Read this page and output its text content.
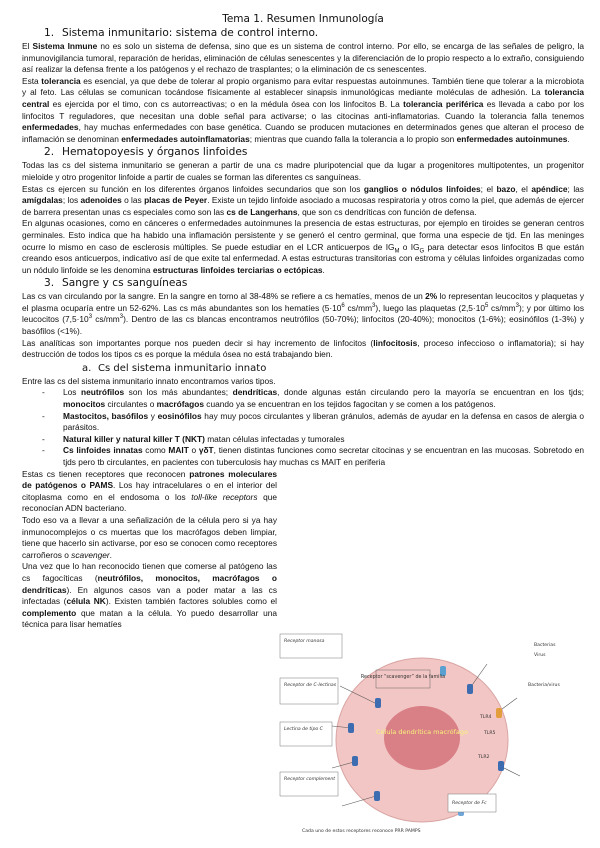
Tema 1. Resumen Inmunología
1. Sistema inmunitario: sistema de control interno.

El Sistema Inmune no es solo un sistema de defensa, sino que es un sistema de control interno. Por ello, se encarga de las señales de peligro, la inmunovigilancia tumoral, reparación de heridas, eliminación de células senescentes y la diferenciación de lo propio respecto a lo extraño, consiguiendo así realizar la defensa frente a los patógenos y el rechazo de trasplantes; o la eliminación de cs senescentes.

Esta tolerancia es esencial, ya que debe de tolerar al propio organismo para evitar respuestas autoinmunes. También tiene que tolerar a la microbiota y al feto. Las células se comunican tocándose físicamente al establecer sinapsis inmunológicas mediante moléculas de adhesión. La tolerancia central es ejercida por el timo, con cs autorreactivas; o en la médula ósea con los linfocitos B. La tolerancia periférica es llevada a cabo por los linfocitos T reguladores, que necesitan una doble señal para activarse; o las citocinas anti-inflamatorias. Cuando la tolerancia falla tenemos enfermedades, hay muchas enfermedades con base genética. Cuando se producen mutaciones en determinados genes que alteran el proceso de inflamación se denominan enfermedades autoinflamatorias; mientras que cuando falla la tolerancia a lo propio son enfermedades autoinmunes.

2. Hematopoyesis y órganos linfoides

Todas las cs del sistema inmunitario se generan a partir de una cs madre pluripotencial que da lugar a progenitores multipotentes, un progenitor mieloide y otro progenitor linfoide a partir de cuales se forman las diferentes cs sanguíneas.

Estas cs ejercen su función en los diferentes órganos linfoides secundarios que son los ganglios o nódulos linfoides; el bazo, el apéndice; las amígdalas; los adenoides o las placas de Peyer. Existe un tejido linfoide asociado a mucosas respiratoria y otros como la piel, que además de ejercer de barrera presentan unas cs especiales como son las cs de Langerhans, que son cs dendríticas con función de defensa.

En algunas ocasiones, como en cánceres o enfermedades autoinmunes la presencia de estas estructuras, por ejemplo en tiroides se generan centros germinales. Esto indica que ha habido una inflamación persistente y se generó el centro germinal, que forma una especie de tjd. En las meninges ocurre lo mismo en caso de esclerosis múltiples. Se puede estudiar en el LCR anticuerpos de $IG_M$ o $IG_G$ para detectar esos linfocitos B que están creando esos anticuerpos, indicativo así de que exite tal enfermedad. A estas estructuras transitorias con estroma y células linfoides organizadas como un nódulo linfoide se les denomina estructuras linfoides terciarias o ectópicas.

3. Sangre y cs sanguíneas

Las cs van circulando por la sangre. En la sangre en torno al 38-48% se refiere a cs hematíes, menos de un 2% lo representan leucocitos y plaquetas y el plasma ocuparía entre un 52-62%. Las cs más abundantes son los hematíes ($5\cdot 10^6$ $cs/mm^3$), luego las plaquetas ($2,5\cdot 10^5$ $cs/mm^3$); y por último los leucocitos ($7,5\cdot 10^3$ $cs/mm^3$). Dentro de las cs blancas encontramos neutrófilos (50-70%); linfocitos (20-40%); monocitos (1-6%); eosinófilos (1-3%) y basófilos (<1%).

Las analíticas son importantes porque nos pueden decir si hay incremento de linfocitos (linfocitosis, proceso infeccioso o inflamatoria); si hay destrucción de todos los tipos cs es porque la médula ósea no está trabajando bien.

a. Cs del sistema inmunitario innato

Entre las cs del sistema inmunitario innato encontramos varios tipos.

- Los neutrófilos son los más abundantes; dendríticas, donde algunas están circulando pero la mayoría se encuentran en los tjds; monocitos circulantes o macrófagos cuando ya se encuentran en los tejidos fagocitan y se comen a los patógenos.
- Mastocitos, basófilos y eosinófilos hay muy pocos circulantes y liberan gránulos, además de ayudar en la defensa en casos de alergia o parásitos.
- Natural killer y natural killer T (NKT) matan células infectadas y tumorales
- Cs linfoides innatas como MAIT o γδT, tienen distintas funciones como secretar citocinas y se encuentran en las mucosas. Sobretodo en tjds pero tb circulantes, en pacientes con tuberculosis hay muchas cs MAIT en periferia

Estas cs tienen receptores que reconocen patrones moleculares de patógenos o PAMS. Los hay intracelulares o en el interior del citoplasma como en el endosoma o los toll-like receptors que reconocían ADN bacteriano.

Todo eso va a llevar a una señalización de la célula pero si ya hay inmunocomplejos o cs muertas que los macrófagos deben limpiar, tiene que hacerlo sin activarse, por eso se conocen como receptores carroñeros o scavenger.

Una vez que lo han reconocido tienen que comerse al patógeno las cs fagocíticas (neutrófilos, monocitos, macrófagos o dendríticas). En algunos casos van a poder matar a las cs infectadas (célula NK). Existen también factores solubles como el complemento que matan a la célula. Yo puedo desarrollar una técnica para lisar hematíes

Célula dendrítica macrófago
Receptor “scavenger” de la familia
Receptor manosa
Receptor de C-lectinas
Lectina de tipo C
Receptor complement
Receptor de Fc
Bacterias
Virus
Bacteria/virus
TLR4
TLR5
TLR2
Cada uno de estos receptores reconoce PRR PAMPS
